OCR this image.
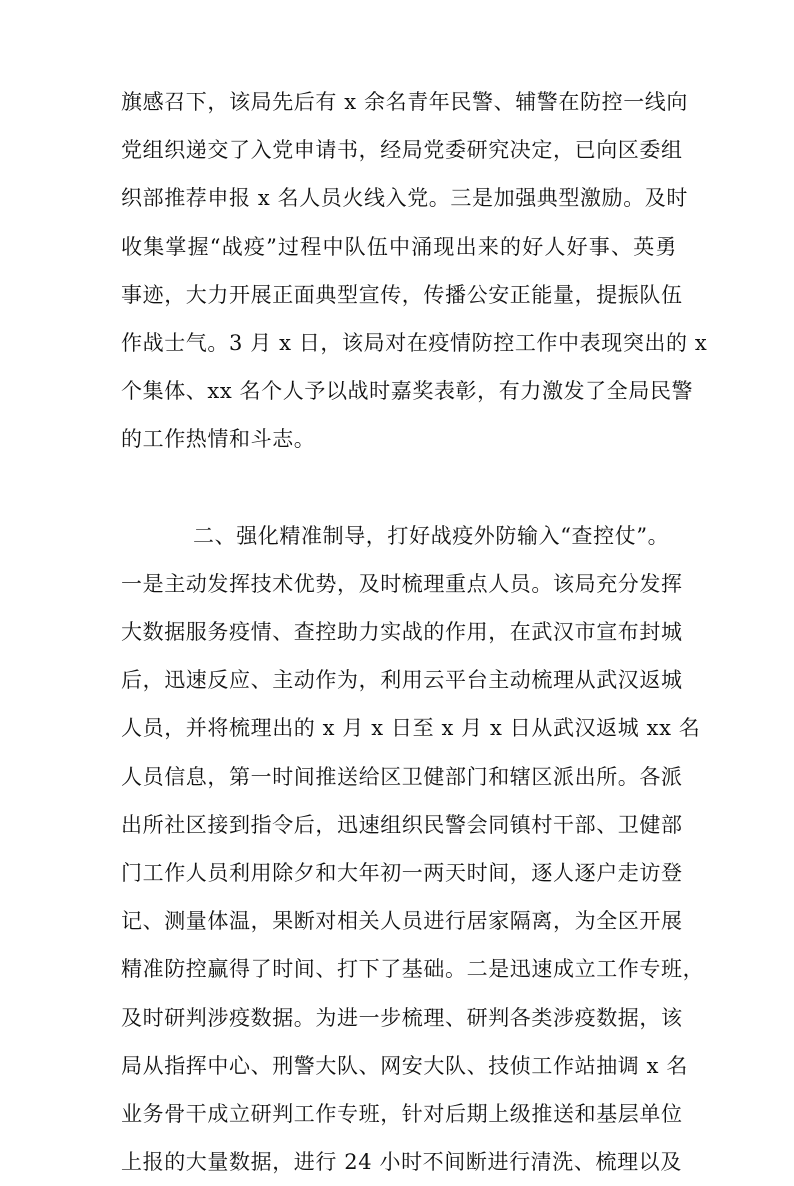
旗感召下，该局先后有 x 余名青年民警、辅警在防控一线向
党组织递交了入党申请书，经局党委研究决定，已向区委组
织部推荐申报 x 名人员火线入党。三是加强典型激励。及时
收集掌握“战疫”过程中队伍中涌现出来的好人好事、英勇
事迹，大力开展正面典型宣传，传播公安正能量，提振队伍
作战士气。3 月 x 日，该局对在疫情防控工作中表现突出的 x
个集体、xx 名个人予以战时嘉奖表彰，有力激发了全局民警
的工作热情和斗志。
二、强化精准制导，打好战疫外防输入“查控仗”。
一是主动发挥技术优势，及时梳理重点人员。该局充分发挥
大数据服务疫情、查控助力实战的作用，在武汉市宣布封城
后，迅速反应、主动作为，利用云平台主动梳理从武汉返城
人员，并将梳理出的 x 月 x 日至 x 月 x 日从武汉返城 xx 名
人员信息，第一时间推送给区卫健部门和辖区派出所。各派
出所社区接到指令后，迅速组织民警会同镇村干部、卫健部
门工作人员利用除夕和大年初一两天时间，逐人逐户走访登
记、测量体温，果断对相关人员进行居家隔离，为全区开展
精准防控赢得了时间、打下了基础。二是迅速成立工作专班，
及时研判涉疫数据。为进一步梳理、研判各类涉疫数据，该
局从指挥中心、刑警大队、网安大队、技侦工作站抽调 x 名
业务骨干成立研判工作专班，针对后期上级推送和基层单位
上报的大量数据，进行 24 小时不间断进行清洗、梳理以及
